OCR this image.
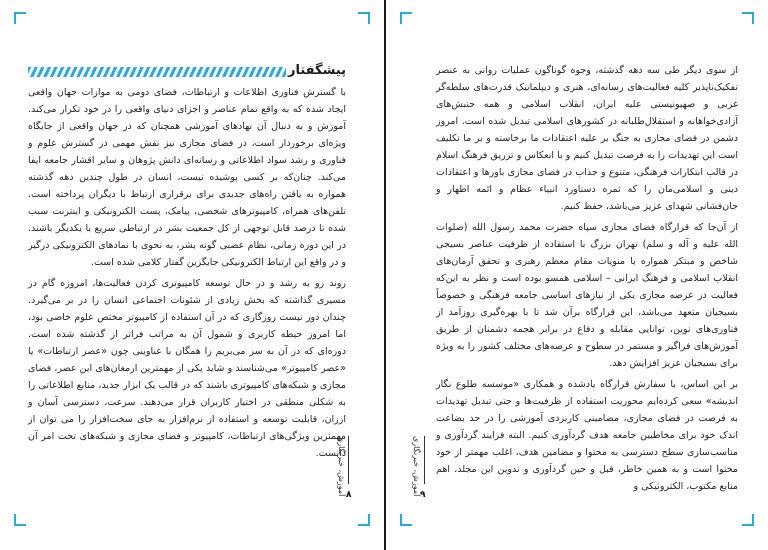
پیشگفتار

با گسترش فناوری اطلاعات و ارتباطات، فضای دومی به موازات جهان واقعی ایجاد شده که به واقع تمام عناصر و اجزای دنیای واقعی را در خود تکرار می‌کند. آموزش و به دنبال آن نهادهای آموزشی همچنان که در جهان واقعی از جایگاه ویژه‌ای برخوردار است، در فضای مجازی نیز نقش مهمی در گسترش علوم و فناوری و رشد سواد اطلاعاتی و رسانه‌ای دانش پژوهان و سایر اقشار جامعه ایفا می‌کند. چنان‌که بر کسی پوشیده نیست، انسان در طول چندین دهه گذشته همواره به یافتن راه‌های جدیدی برای برقراری ارتباط با دیگران پرداخته است. تلفن‌های همراه، کامپیوترهای شخصی، پیامک، پست الکترونیکی و اینترنت سبب شده تا درصد قابل توجهی از کل جمعیت بشر در ارتباطی سریع با یکدیگر باشند. در این دوره زمانی، نظام عصبی گونه بشر، به نحوی با نمادهای الکترونیکی درگیر و در واقع این ارتباط الکترونیکی جایگزین گفتار کلامی شده است.

روند رو به رشد و در حال توسعه کامپیوتری کردن فعالیت‌ها، امروزه گام در مسیری گذاشته که بخش زیادی از شئونات اجتماعی انسان را در بر می‌گیرد. چندان دور نیست روزگاری که در آن استفاده از کامپیوتر مختص علوم خاصی بود، اما امروز حیطه کاربری و شمول آن به مراتب فراتر از گذشته شده است. دوره‌ای که در آن به سر می‌بریم را همگان با عناوینی چون «عصر ارتباطات» یا «عصر کامپیوتر» می‌شناسند و شاید یکی از مهمترین ارمغان‌های این عصر، فضای مجازی و شبکه‌های کامپیوتری باشند که در قالب یک ابزار جدید، منابع اطلاعاتی را به شکلی منطقی در اختیار کاربران قرار می‌دهند. سرعت، دسترسی آسان و ارزان، قابلیت توسعه و استفاده از نرم‌افزار به جای سخت‌افزار را می توان از مهمترین ویژگی‌های ارتباطات، کامپیوتر و فضای مجازی و شبکه‌های تحت امر آن دانست.

آموزش، خبرنگاری ۸

از سوی دیگر طی سه دهه گذشته، وجوه گوناگون عملیات روانی به عنصر تفکیک‌ناپذیر کلیه فعالیت‌های رسانه‌ای، هنری و دیپلماتیک قدرت‌های سلطه‌گر غربی و صهیونیستی علیه ایران، انقلاب اسلامی و همه جنبش‌های آزادی‌خواهانه و استقلال‌طلبانه در کشورهای اسلامی تبدیل شده است. امروز دشمن در فضای مجازی به جنگ بر علیه اعتقادات ما برخاسته و بر ما تکلیف است این تهدیدات را به فرصت تبدیل کنیم و با انعکاس و تزریق فرهنگ اسلام در قالب ابتکارات فرهنگی، متنوع و جذاب در فضای مجازی باورها و اعتقادات دینی و اسلامی‌مان را که ثمره دستاورد انبیاء عظام و ائمه اطهار و جان‌فشانی شهدای عزیز می‌باشد، حفظ کنیم.

از آن‌جا که قرارگاه فضای مجازی سپاه حضرت محمد رسول الله (صلوات الله علیه و آله و سلم) تهران بزرگ با استفاده از ظرفیت عناصر بسیجی شاخص و مبتکر همواره با منویات مقام معظم رهبری و تحقق آرمان‌های انقلاب اسلامی و فرهنگ ایرانی – اسلامی همسو بوده است و نظر به این‌که فعالیت در عرصه مجازی یکی از نیازهای اساسی جامعه فرهنگی و خصوصاً بسیجیان متعهد می‌باشد، این قرارگاه برآن شد تا با بهره‌گیری روزآمد از فناوری‌های نوین، توانایی مقابله و دفاع در برابر هجمه دشمنان از طریق آموزش‌های فراگیر و مستمر در سطوح و عرصه‌های مختلف کشور را به ویژه برای بسیجیان عزیز افزایش دهد.

بر این اساس، با سفارش قرارگاه یادشده و همکاری «موسسه طلوع نگار اندیشه» سعی کرده‌ایم محوریت استفاده از ظرفیت‌ها و حتی تبدیل تهدیدات به فرصت در فضای مجازی، مضامینی کاربردی آموزشی را در حد بضاعت اندک خود برای مخاطبین جامعه هدف گردآوری کنیم. البته فرایند گردآوری و مناسب‌سازی سطح دسترسی به محتوا و مضامین هدف، اغلب مهمتر از خود محتوا است و به همین خاطر، قبل و حین گردآوری و تدوین این مجلد، اهم منابع مکتوب، الکترونیکی و

آموزش، خبرنگاری ۹
